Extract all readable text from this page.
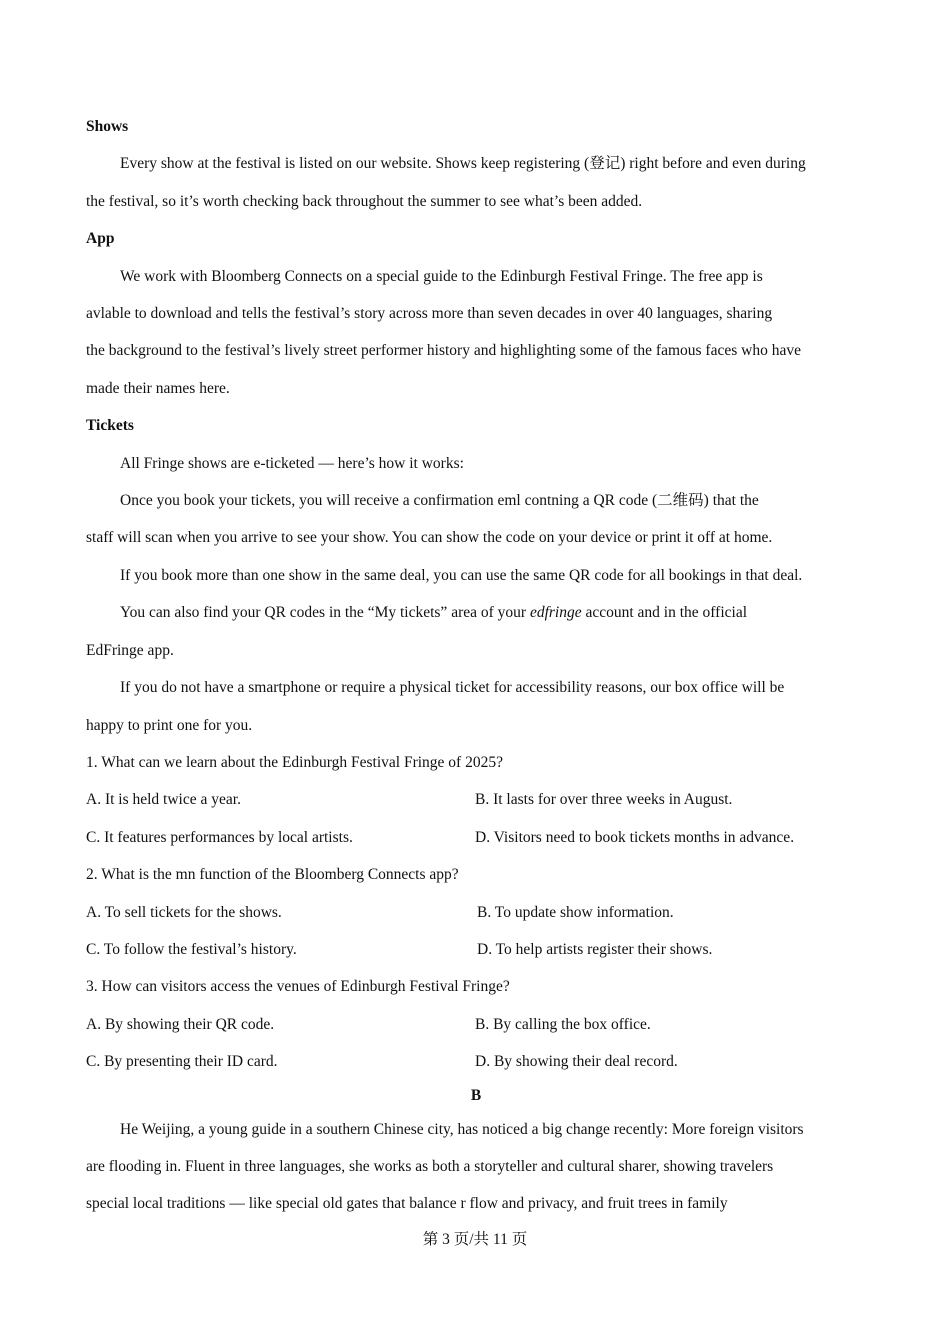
Shows
Every show at the festival is listed on our website. Shows keep registering (登记) right before and even during
the festival, so it’s worth checking back throughout the summer to see what’s been added.
App
We work with Bloomberg Connects on a special guide to the Edinburgh Festival Fringe. The free app is
avlable to download and tells the festival’s story across more than seven decades in over 40 languages, sharing
the background to the festival’s lively street performer history and highlighting some of the famous faces who have
made their names here.
Tickets
All Fringe shows are e-ticketed — here’s how it works:
Once you book your tickets, you will receive a confirmation eml contning a QR code (二维码) that the
staff will scan when you arrive to see your show. You can show the code on your device or print it off at home.
If you book more than one show in the same deal, you can use the same QR code for all bookings in that deal.
You can also find your QR codes in the “My tickets” area of your edfringe account and in the official
EdFringe app.
If you do not have a smartphone or require a physical ticket for accessibility reasons, our box office will be
happy to print one for you.
1. What can we learn about the Edinburgh Festival Fringe of 2025?
A. It is held twice a year.	B. It lasts for over three weeks in August.
C. It features performances by local artists.	D. Visitors need to book tickets months in advance.
2. What is the mn function of the Bloomberg Connects app?
A. To sell tickets for the shows.	B. To update show information.
C. To follow the festival’s history.	D. To help artists register their shows.
3. How can visitors access the venues of Edinburgh Festival Fringe?
A. By showing their QR code.	B. By calling the box office.
C. By presenting their ID card.	D. By showing their deal record.
B
He Weijing, a young guide in a southern Chinese city, has noticed a big change recently: More foreign visitors
are flooding in. Fluent in three languages, she works as both a storyteller and cultural sharer, showing travelers
special local traditions — like special old gates that balance r flow and privacy, and fruit trees in family
第 3 页/共 11 页
